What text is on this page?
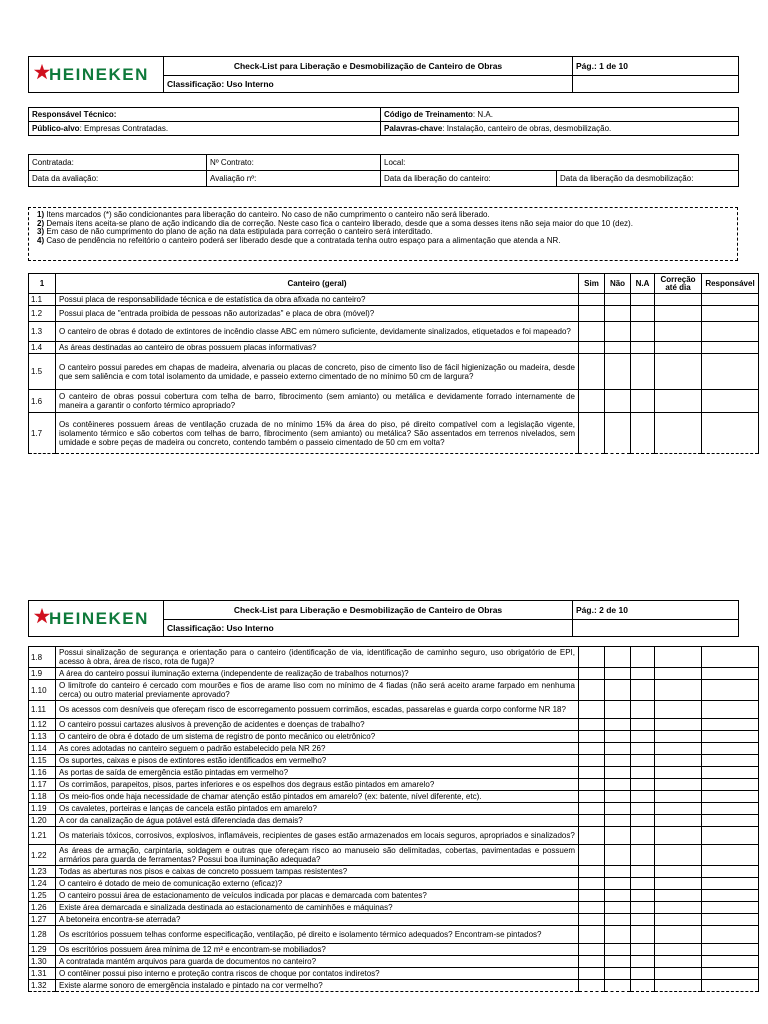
HEINEKEN	Check-List para Liberação e Desmobilização de Canteiro de Obras	Pág.: 1 de 10
	Classificação: Uso Interno	
Responsável Técnico:	Código de Treinamento: N.A.
Público-alvo: Empresas Contratadas.	Palavras-chave: Instalação, canteiro de obras, desmobilização.
Contratada:	Nº Contrato:	Local:	
Data da avaliação:	Avaliação nº:	Data da liberação do canteiro:	Data da liberação da desmobilização:
1) Itens marcados (*) são condicionantes para liberação do canteiro. No caso de não cumprimento o canteiro não será liberado.
2) Demais itens aceita-se plano de ação indicando dia de correção. Neste caso fica o canteiro liberado, desde que a soma desses itens não seja maior do que 10 (dez).
3) Em caso de não cumprimento do plano de ação na data estipulada para correção o canteiro será interditado.
4) Caso de pendência no refeitório o canteiro poderá ser liberado desde que a contratada tenha outro espaço para a alimentação que atenda a NR.
1	Canteiro (geral)	Sim	Não	N.A	Correção até dia	Responsável
1.1	Possui placa de responsabilidade técnica e de estatística da obra afixada no canteiro?					
1.2	Possui placa de "entrada proibida de pessoas não autorizadas" e placa de obra (móvel)?					
1.3	O canteiro de obras é dotado de extintores de incêndio classe ABC em número suficiente, devidamente sinalizados, etiquetados e foi mapeado?					
1.4	As áreas destinadas ao canteiro de obras possuem placas informativas?					
1.5	O canteiro possui paredes em chapas de madeira, alvenaria ou placas de concreto, piso de cimento liso de fácil higienização ou madeira, desde que sem saliência e com total isolamento da umidade, e passeio externo cimentado de no mínimo 50 cm de largura?					
1.6	O canteiro de obras possui cobertura com telha de barro, fibrocimento (sem amianto) ou metálica e devidamente forrado internamente de maneira a garantir o conforto térmico apropriado?					
1.7	Os contêineres possuem áreas de ventilação cruzada de no mínimo 15% da área do piso, pé direito compatível com a legislação vigente, isolamento térmico e são cobertos com telhas de barro, fibrocimento (sem amianto) ou metálica? São assentados em terrenos nivelados, sem umidade e sobre peças de madeira ou concreto, contendo também o passeio cimentado de 50 cm em volta?					
HEINEKEN	Check-List para Liberação e Desmobilização de Canteiro de Obras	Pág.: 2 de 10
	Classificação: Uso Interno	
1.8	Possui sinalização de segurança e orientação para o canteiro (identificação de via, identificação de caminho seguro, uso obrigatório de EPI, acesso à obra, área de risco, rota de fuga)?					
1.9	A área do canteiro possui iluminação externa (independente de realização de trabalhos noturnos)?					
1.10	O limítrofe do canteiro é cercado com mourões e fios de arame liso com no mínimo de 4 fiadas (não será aceito arame farpado em nenhuma cerca) ou outro material previamente aprovado?					
1.11	Os acessos com desníveis que ofereçam risco de escorregamento possuem corrimãos, escadas, passarelas e guarda corpo conforme NR 18?					
1.12	O canteiro possui cartazes alusivos à prevenção de acidentes e doenças de trabalho?					
1.13	O canteiro de obra é dotado de um sistema de registro de ponto mecânico ou eletrônico?					
1.14	As cores adotadas no canteiro seguem o padrão estabelecido pela NR 26?					
1.15	Os suportes, caixas e pisos de extintores estão identificados em vermelho?					
1.16	As portas de saída de emergência estão pintadas em vermelho?					
1.17	Os corrimãos, parapeitos, pisos, partes inferiores e os espelhos dos degraus estão pintados em amarelo?					
1.18	Os meio-fios onde haja necessidade de chamar atenção estão pintados em amarelo? (ex: batente, nível diferente, etc).					
1.19	Os cavaletes, porteiras e lanças de cancela estão pintados em amarelo?					
1.20	A cor da canalização de água potável está diferenciada das demais?					
1.21	Os materiais tóxicos, corrosivos, explosivos, inflamáveis, recipientes de gases estão armazenados em locais seguros, apropriados e sinalizados?					
1.22	As áreas de armação, carpintaria, soldagem e outras que ofereçam risco ao manuseio são delimitadas, cobertas, pavimentadas e possuem armários para guarda de ferramentas? Possui boa iluminação adequada?					
1.23	Todas as aberturas nos pisos e caixas de concreto possuem tampas resistentes?					
1.24	O canteiro é dotado de meio de comunicação externo (eficaz)?					
1.25	O canteiro possui área de estacionamento de veículos indicada por placas e demarcada com batentes?					
1.26	Existe área demarcada e sinalizada destinada ao estacionamento de caminhões e máquinas?					
1.27	A betoneira encontra-se aterrada?					
1.28	Os escritórios possuem telhas conforme especificação, ventilação, pé direito e isolamento térmico adequados? Encontram-se pintados?					
1.29	Os escritórios possuem área mínima de 12 m² e encontram-se mobiliados?					
1.30	A contratada mantém arquivos para guarda de documentos no canteiro?					
1.31	O contêiner possui piso interno e proteção contra riscos de choque por contatos indiretos?					
1.32	Existe alarme sonoro de emergência instalado e pintado na cor vermelho?					
